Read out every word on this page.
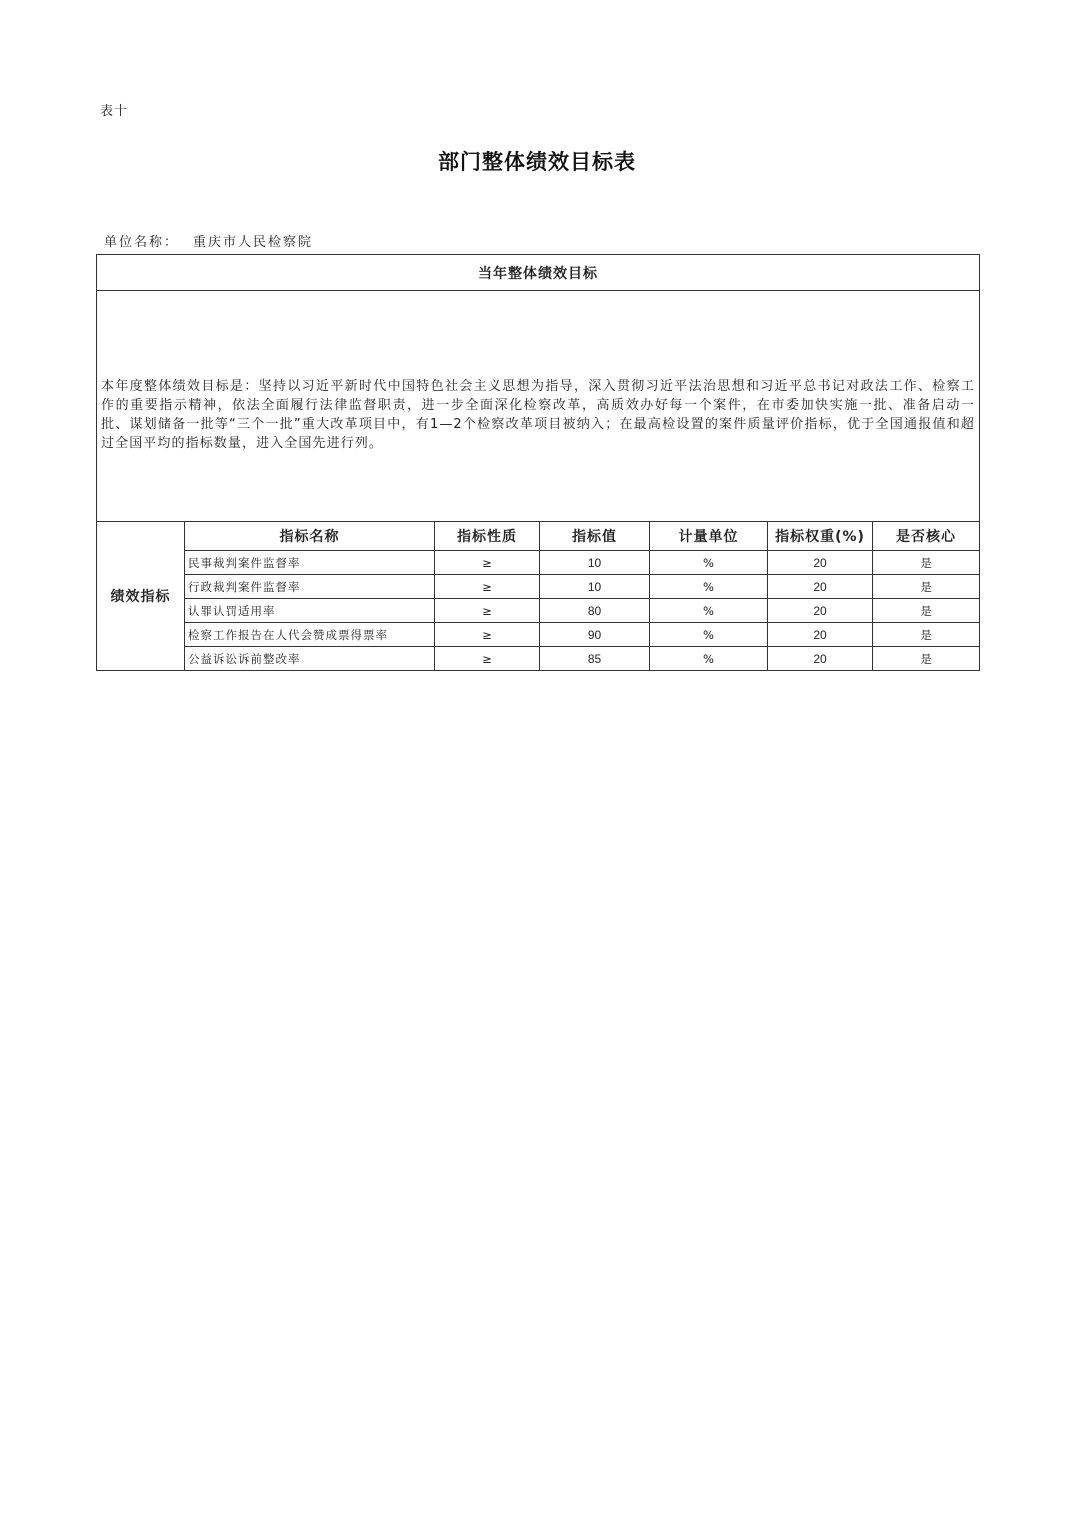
表十
部门整体绩效目标表
单位名称： 重庆市人民检察院
当年整体绩效目标						

本年度整体绩效目标是：坚持以习近平新时代中国特色社会主义思想为指导，深入贯彻习近平法治思想和习近平总书记对政法工作、检察工作的重要指示精神，依法全面履行法律监督职责，进一步全面深化检察改革，高质效办好每一个案件，在市委加快实施一批、准备启动一批、谋划储备一批等“三个一批”重大改革项目中，有1—2个检察改革项目被纳入；在最高检设置的案件质量评价指标，优于全国通报值和超过全国平均的指标数量，进入全国先进行列。						

绩效指标	指标名称	指标性质	指标值	计量单位	指标权重(%)	是否核心
	民事裁判案件监督率	≥	10	%	20	是
	行政裁判案件监督率	≥	10	%	20	是
	认罪认罚适用率	≥	80	%	20	是
	检察工作报告在人代会赞成票得票率	≥	90	%	20	是
	公益诉讼诉前整改率	≥	85	%	20	是
